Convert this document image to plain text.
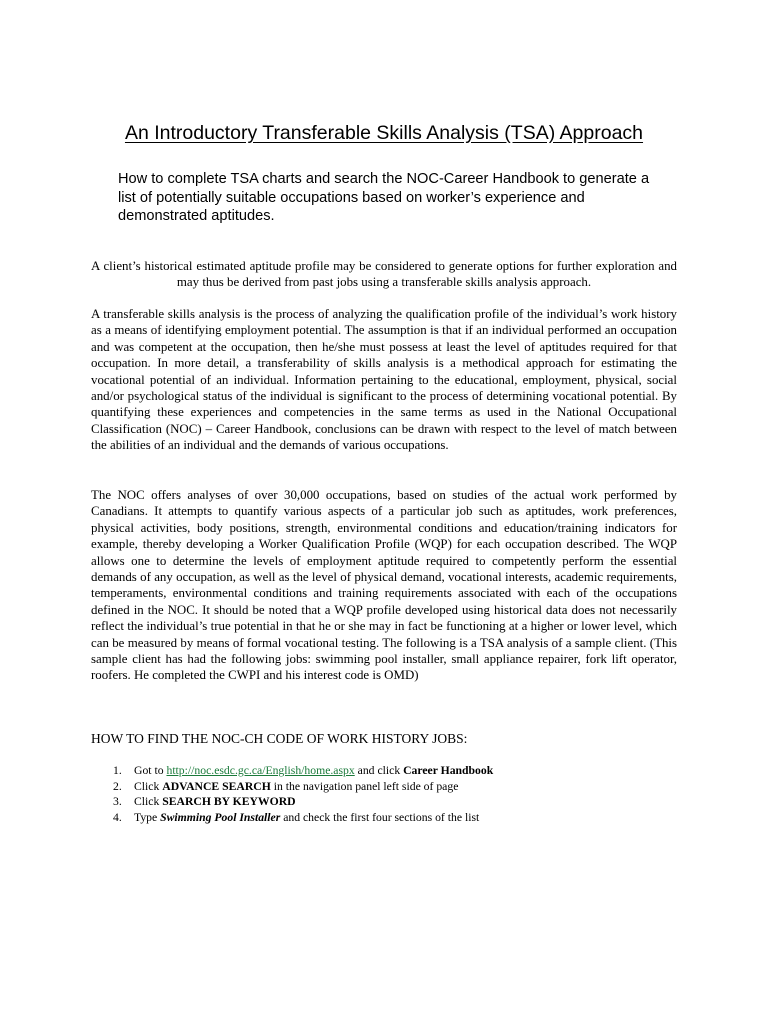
An Introductory Transferable Skills Analysis (TSA) Approach

How to complete TSA charts and search the NOC-Career Handbook to generate a list of potentially suitable occupations based on worker’s experience and demonstrated aptitudes.

A client’s historical estimated aptitude profile may be considered to generate options for further exploration and may thus be derived from past jobs using a transferable skills analysis approach.

A transferable skills analysis is the process of analyzing the qualification profile of the individual’s work history as a means of identifying employment potential. The assumption is that if an individual performed an occupation and was competent at the occupation, then he/she must possess at least the level of aptitudes required for that occupation. In more detail, a transferability of skills analysis is a methodical approach for estimating the vocational potential of an individual. Information pertaining to the educational, employment, physical, social and/or psychological status of the individual is significant to the process of determining vocational potential. By quantifying these experiences and competencies in the same terms as used in the National Occupational Classification (NOC) – Career Handbook, conclusions can be drawn with respect to the level of match between the abilities of an individual and the demands of various occupations.

The NOC offers analyses of over 30,000 occupations, based on studies of the actual work performed by Canadians. It attempts to quantify various aspects of a particular job such as aptitudes, work preferences, physical activities, body positions, strength, environmental conditions and education/training indicators for example, thereby developing a Worker Qualification Profile (WQP) for each occupation described. The WQP allows one to determine the levels of employment aptitude required to competently perform the essential demands of any occupation, as well as the level of physical demand, vocational interests, academic requirements, temperaments, environmental conditions and training requirements associated with each of the occupations defined in the NOC. It should be noted that a WQP profile developed using historical data does not necessarily reflect the individual’s true potential in that he or she may in fact be functioning at a higher or lower level, which can be measured by means of formal vocational testing. The following is a TSA analysis of a sample client. (This sample client has had the following jobs: swimming pool installer, small appliance repairer, fork lift operator, roofers. He completed the CWPI and his interest code is OMD)

HOW TO FIND THE NOC-CH CODE OF WORK HISTORY JOBS:

1. Got to http://noc.esdc.gc.ca/English/home.aspx and click Career Handbook
2. Click ADVANCE SEARCH in the navigation panel left side of page
3. Click SEARCH BY KEYWORD
4. Type Swimming Pool Installer and check the first four sections of the list
